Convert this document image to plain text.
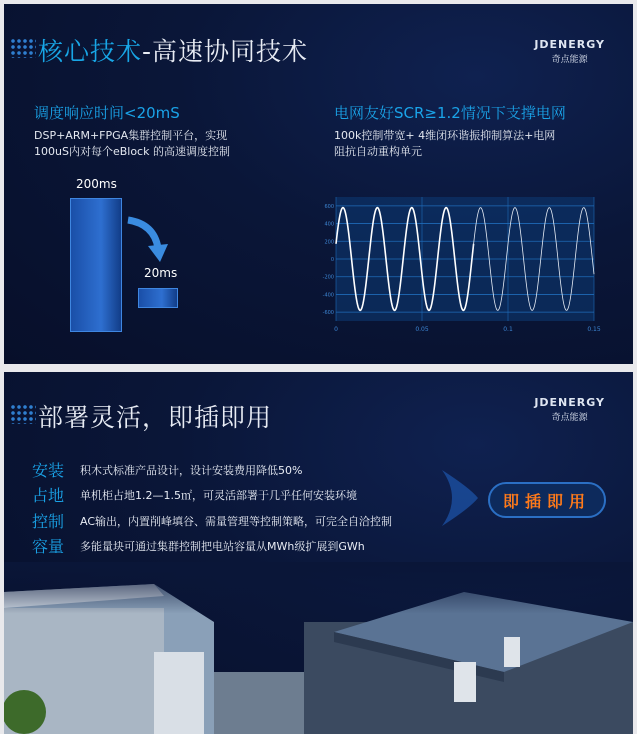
核心技术-高速协同技术	JDENERGY
奇点能源
调度响应时间<20mS
DSP+ARM+FPGA集群控制平台，实现
100uS内对每个eBlock 的高速调度控制
200ms
20ms
电网友好SCR≥1.2情况下支撑电网
100k控制带宽+ 4维闭环谐振抑制算法+电网
阻抗自动重构单元
600
400
200
0
-200
-400
-600
0	0.05	0.1	0.15
部署灵活，即插即用
JDENERGY
奇点能源
安装	积木式标准产品设计，设计安装费用降低50%
占地	单机柜占地1.2—1.5㎡，可灵活部署于几乎任何安装环境
控制	AC输出，内置削峰填谷、需量管理等控制策略，可完全自洽控制
容量	多能量块可通过集群控制把电站容量从MWh级扩展到GWh
即插即用
